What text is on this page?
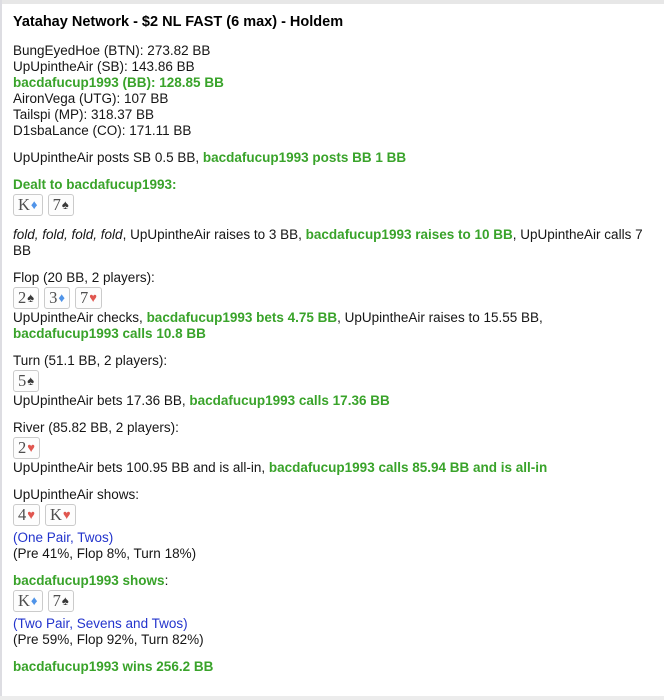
Yatahay Network - $2 NL FAST (6 max) - Holdem
BungEyedHoe (BTN): 273.82 BB
UpUpintheAir (SB): 143.86 BB
bacdafucup1993 (BB): 128.85 BB
AironVega (UTG): 107 BB
Tailspi (MP): 318.37 BB
D1sbaLance (CO): 171.11 BB
UpUpintheAir posts SB 0.5 BB, bacdafucup1993 posts BB 1 BB
Dealt to bacdafucup1993:
K ♦ 7 ♠
fold, fold, fold, fold, UpUpintheAir raises to 3 BB, bacdafucup1993 raises to 10 BB, UpUpintheAir calls 7 BB
Flop (20 BB, 2 players):
2 ♠ 3 ♦ 7 ♥
UpUpintheAir checks, bacdafucup1993 bets 4.75 BB, UpUpintheAir raises to 15.55 BB, bacdafucup1993 calls 10.8 BB
Turn (51.1 BB, 2 players):
5 ♠
UpUpintheAir bets 17.36 BB, bacdafucup1993 calls 17.36 BB
River (85.82 BB, 2 players):
2 ♥
UpUpintheAir bets 100.95 BB and is all-in, bacdafucup1993 calls 85.94 BB and is all-in
UpUpintheAir shows:
4 ♥ K ♥
(One Pair, Twos)
(Pre 41%, Flop 8%, Turn 18%)
bacdafucup1993 shows:
K ♦ 7 ♠
(Two Pair, Sevens and Twos)
(Pre 59%, Flop 92%, Turn 82%)
bacdafucup1993 wins 256.2 BB
